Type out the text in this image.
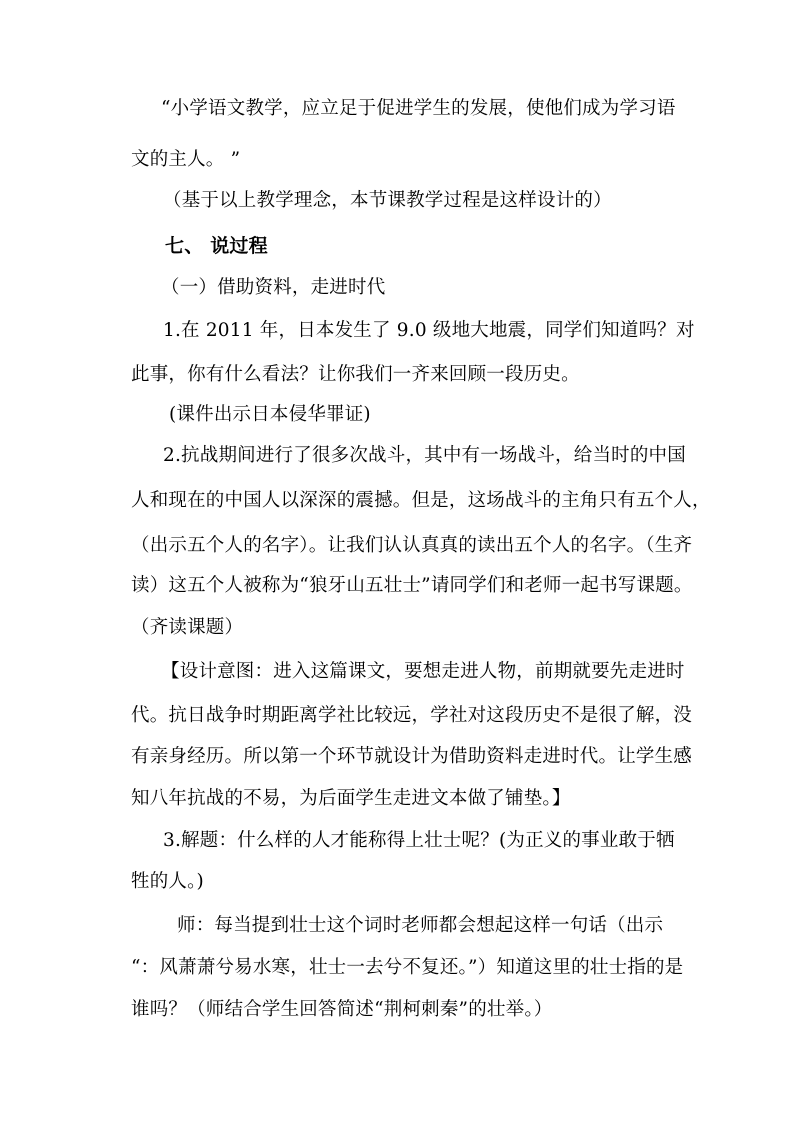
“小学语文教学，应立足于促进学生的发展，使他们成为学习语
文的主人。 ”
（基于以上教学理念，本节课教学过程是这样设计的）
七、 说过程
（一）借助资料，走进时代
1.在 2011 年，日本发生了 9.0 级地大地震，同学们知道吗？对
此事，你有什么看法？让你我们一齐来回顾一段历史。
(课件出示日本侵华罪证)
2.抗战期间进行了很多次战斗，其中有一场战斗，给当时的中国
人和现在的中国人以深深的震撼。但是，这场战斗的主角只有五个人，
（出示五个人的名字）。让我们认认真真的读出五个人的名字。（生齐
读）这五个人被称为“狼牙山五壮士”请同学们和老师一起书写课题。
（齐读课题）
【设计意图：进入这篇课文，要想走进人物，前期就要先走进时
代。抗日战争时期距离学社比较远，学社对这段历史不是很了解，没
有亲身经历。所以第一个环节就设计为借助资料走进时代。让学生感
知八年抗战的不易，为后面学生走进文本做了铺垫。】
3.解题：什么样的人才能称得上壮士呢？(为正义的事业敢于牺
牲的人。)
师：每当提到壮士这个词时老师都会想起这样一句话（出示
“：风萧萧兮易水寒，壮士一去兮不复还。”）知道这里的壮士指的是
谁吗？（师结合学生回答简述“荆柯刺秦”的壮举。）
